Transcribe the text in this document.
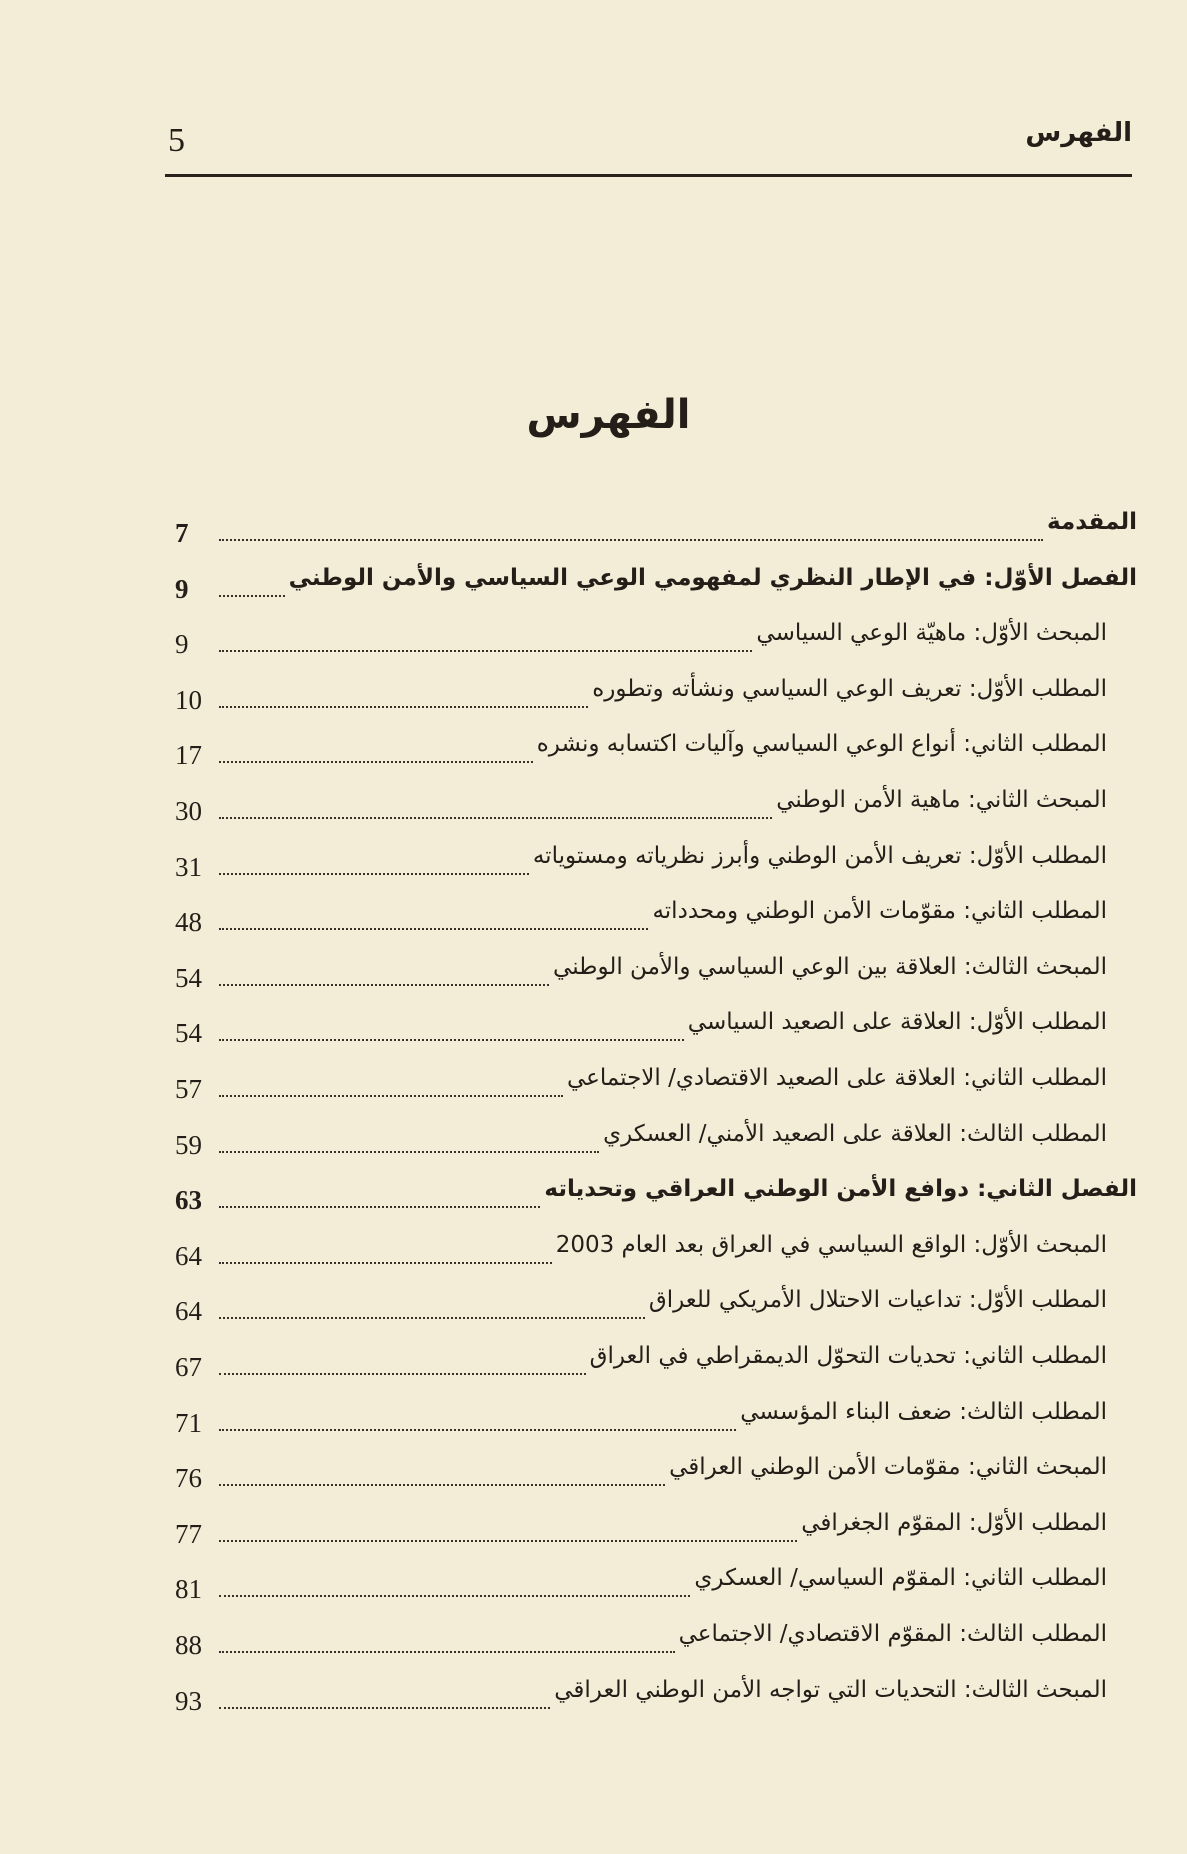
الفهرس
5
الفهرس
المقدمة
7
الفصل الأوّل: في الإطار النظري لمفهومي الوعي السياسي والأمن الوطني
9
المبحث الأوّل: ماهيّة الوعي السياسي
9
المطلب الأوّل: تعريف الوعي السياسي ونشأته وتطوره
10
المطلب الثاني: أنواع الوعي السياسي وآليات اكتسابه ونشره
17
المبحث الثاني: ماهية الأمن الوطني
30
المطلب الأوّل: تعريف الأمن الوطني وأبرز نظرياته ومستوياته
31
المطلب الثاني: مقوّمات الأمن الوطني ومحدداته
48
المبحث الثالث: العلاقة بين الوعي السياسي والأمن الوطني
54
المطلب الأوّل: العلاقة على الصعيد السياسي
54
المطلب الثاني: العلاقة على الصعيد الاقتصادي/ الاجتماعي
57
المطلب الثالث: العلاقة على الصعيد الأمني/ العسكري
59
الفصل الثاني: دوافع الأمن الوطني العراقي وتحدياته
63
المبحث الأوّل: الواقع السياسي في العراق بعد العام 2003
64
المطلب الأوّل: تداعيات الاحتلال الأمريكي للعراق
64
المطلب الثاني: تحديات التحوّل الديمقراطي في العراق
67
المطلب الثالث: ضعف البناء المؤسسي
71
المبحث الثاني: مقوّمات الأمن الوطني العراقي
76
المطلب الأوّل: المقوّم الجغرافي
77
المطلب الثاني: المقوّم السياسي/ العسكري
81
المطلب الثالث: المقوّم الاقتصادي/ الاجتماعي
88
المبحث الثالث: التحديات التي تواجه الأمن الوطني العراقي
93
